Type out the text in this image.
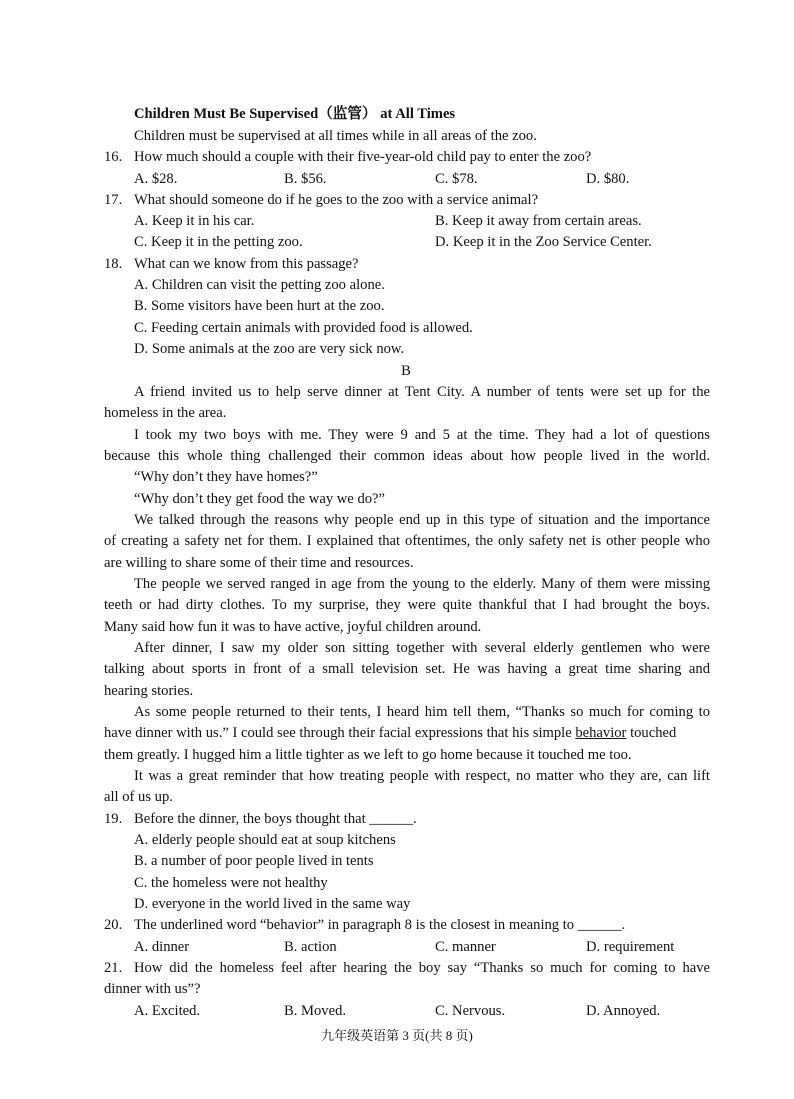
Children Must Be Supervised（监管） at All Times
Children must be supervised at all times while in all areas of the zoo.
16. How much should a couple with their five-year-old child pay to enter the zoo?
A. $28.	B. $56.	C. $78.	D. $80.
17. What should someone do if he goes to the zoo with a service animal?
A. Keep it in his car.	B. Keep it away from certain areas.
C. Keep it in the petting zoo.	D. Keep it in the Zoo Service Center.
18. What can we know from this passage?
A. Children can visit the petting zoo alone.
B. Some visitors have been hurt at the zoo.
C. Feeding certain animals with provided food is allowed.
D. Some animals at the zoo are very sick now.
B
A friend invited us to help serve dinner at Tent City. A number of tents were set up for the
homeless in the area.
I took my two boys with me. They were 9 and 5 at the time. They had a lot of questions
because this whole thing challenged their common ideas about how people lived in the world.
“Why don’t they have homes?”
“Why don’t they get food the way we do?”
We talked through the reasons why people end up in this type of situation and the importance
of creating a safety net for them. I explained that oftentimes, the only safety net is other people who
are willing to share some of their time and resources.
The people we served ranged in age from the young to the elderly. Many of them were missing
teeth or had dirty clothes. To my surprise, they were quite thankful that I had brought the boys.
Many said how fun it was to have active, joyful children around.
After dinner, I saw my older son sitting together with several elderly gentlemen who were
talking about sports in front of a small television set. He was having a great time sharing and
hearing stories.
As some people returned to their tents, I heard him tell them, “Thanks so much for coming to
have dinner with us.” I could see through their facial expressions that his simple behavior touched
them greatly. I hugged him a little tighter as we left to go home because it touched me too.
It was a great reminder that how treating people with respect, no matter who they are, can lift
all of us up.
19. Before the dinner, the boys thought that ______.
A. elderly people should eat at soup kitchens
B. a number of poor people lived in tents
C. the homeless were not healthy
D. everyone in the world lived in the same way
20. The underlined word “behavior” in paragraph 8 is the closest in meaning to ______.
A. dinner	B. action	C. manner	D. requirement
21. How did the homeless feel after hearing the boy say “Thanks so much for coming to have
dinner with us”?
A. Excited.	B. Moved.	C. Nervous.	D. Annoyed.
九年级英语第 3 页(共 8 页)
